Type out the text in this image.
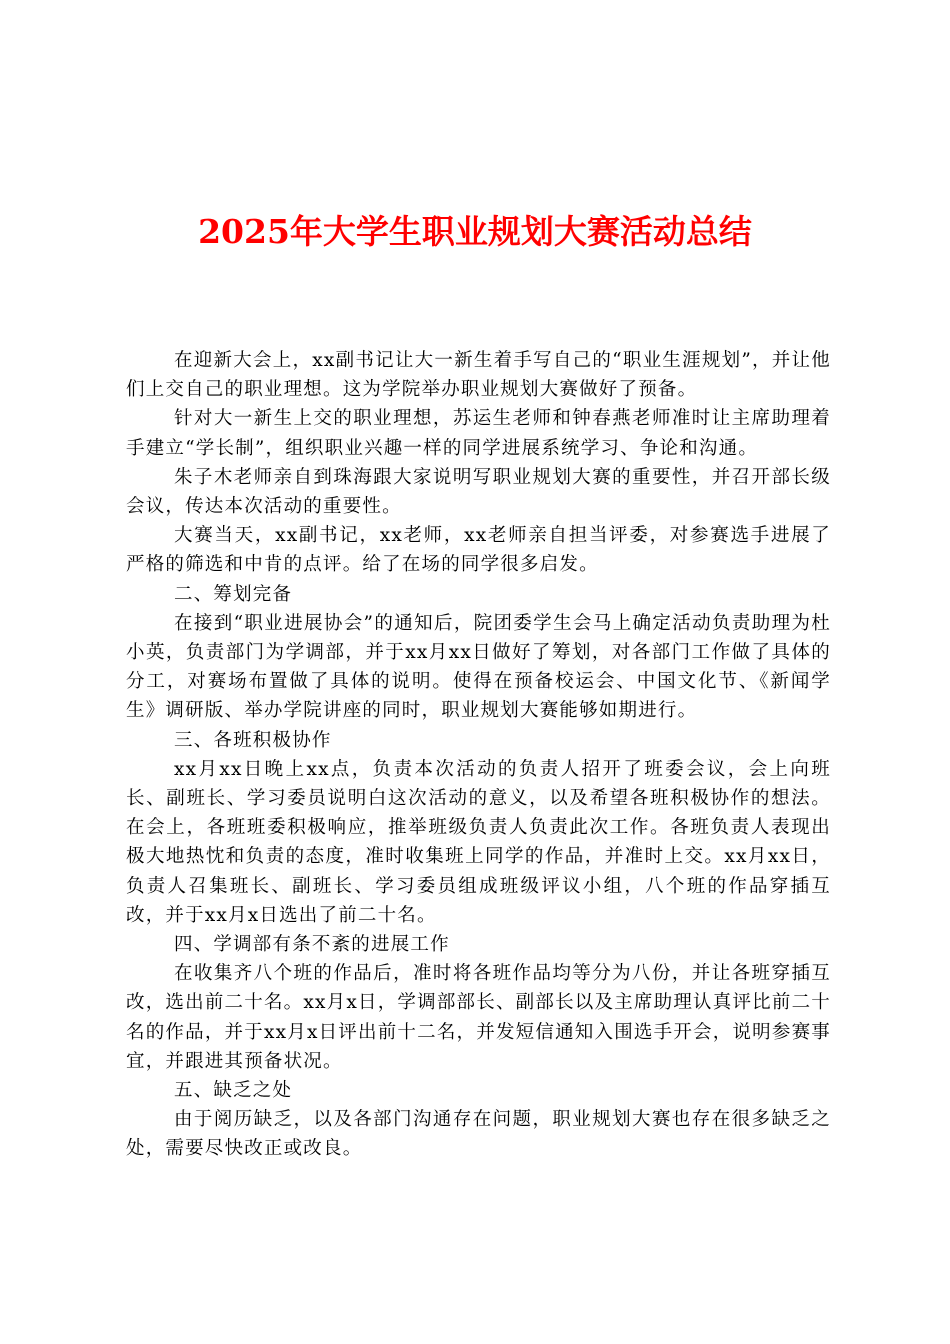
2025年大学生职业规划大赛活动总结

在迎新大会上，xx副书记让大一新生着手写自己的“职业生涯规划”，并让他们上交自己的职业理想。这为学院举办职业规划大赛做好了预备。

针对大一新生上交的职业理想，苏运生老师和钟春燕老师准时让主席助理着手建立“学长制”，组织职业兴趣一样的同学进展系统学习、争论和沟通。

朱子木老师亲自到珠海跟大家说明写职业规划大赛的重要性，并召开部长级会议，传达本次活动的重要性。

大赛当天，xx副书记，xx老师，xx老师亲自担当评委，对参赛选手进展了严格的筛选和中肯的点评。给了在场的同学很多启发。

二、筹划完备

在接到“职业进展协会”的通知后，院团委学生会马上确定活动负责助理为杜小英，负责部门为学调部，并于xx月xx日做好了筹划，对各部门工作做了具体的分工，对赛场布置做了具体的说明。使得在预备校运会、中国文化节、《新闻学生》调研版、举办学院讲座的同时，职业规划大赛能够如期进行。

三、各班积极协作

xx月xx日晚上xx点，负责本次活动的负责人招开了班委会议，会上向班长、副班长、学习委员说明白这次活动的意义，以及希望各班积极协作的想法。在会上，各班班委积极响应，推举班级负责人负责此次工作。各班负责人表现出极大地热忱和负责的态度，准时收集班上同学的作品，并准时上交。xx月xx日，负责人召集班长、副班长、学习委员组成班级评议小组，八个班的作品穿插互改，并于xx月x日选出了前二十名。

四、学调部有条不紊的进展工作

在收集齐八个班的作品后，准时将各班作品均等分为八份，并让各班穿插互改，选出前二十名。xx月x日，学调部部长、副部长以及主席助理认真评比前二十名的作品，并于xx月x日评出前十二名，并发短信通知入围选手开会，说明参赛事宜，并跟进其预备状况。

五、缺乏之处

由于阅历缺乏，以及各部门沟通存在问题，职业规划大赛也存在很多缺乏之处，需要尽快改正或改良。
